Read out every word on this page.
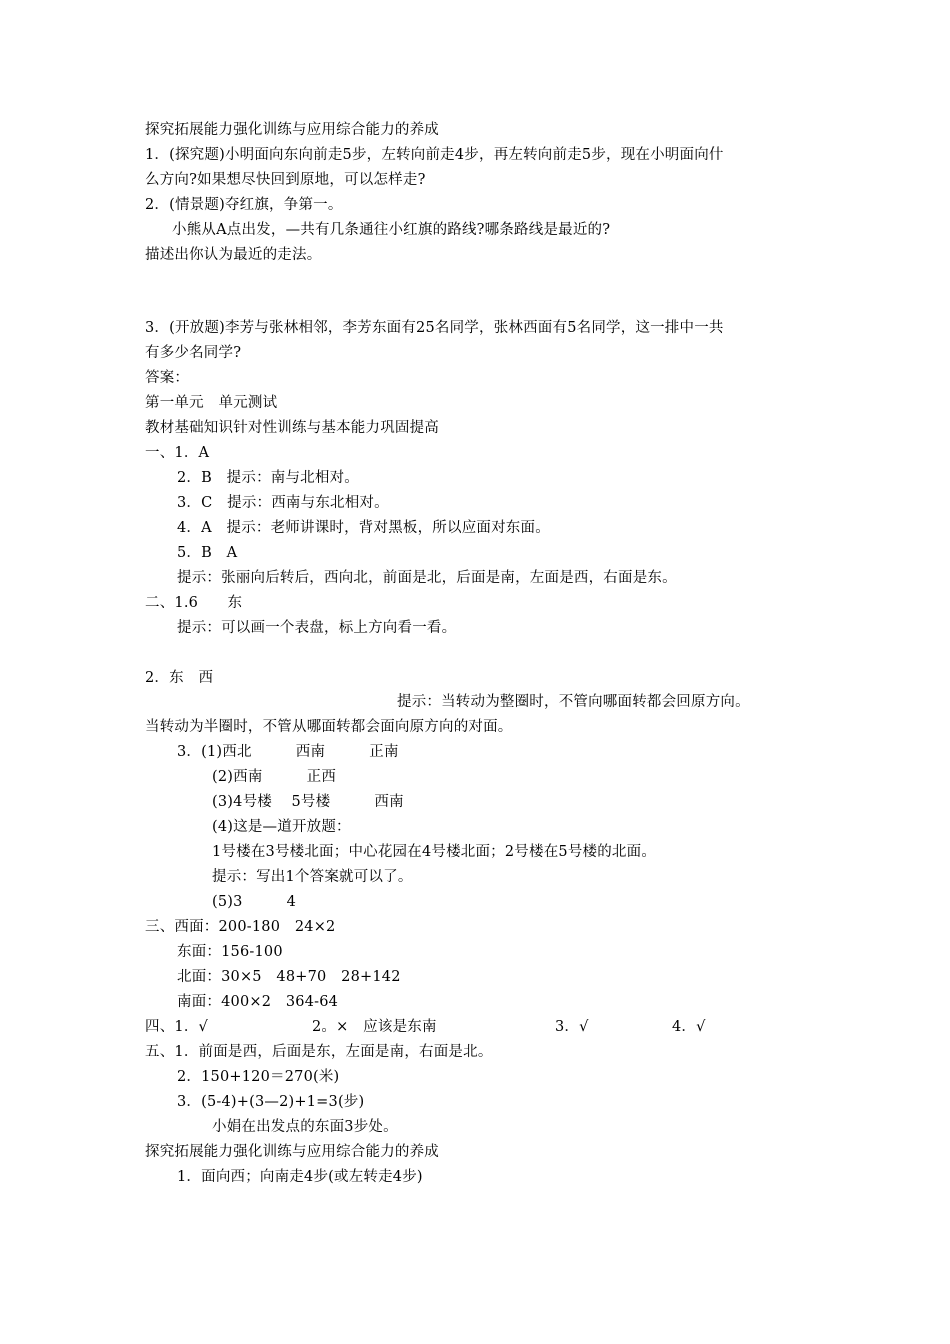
探究拓展能力强化训练与应用综合能力的养成
1．(探究题)小明面向东向前走5步，左转向前走4步，再左转向前走5步，现在小明面向什
么方向?如果想尽快回到原地，可以怎样走?
2．(情景题)夺红旗，争第一。
小熊从A点出发，—共有几条通往小红旗的路线?哪条路线是最近的?
描述出你认为最近的走法。
3．(开放题)李芳与张林相邻，李芳东面有25名同学，张林西面有5名同学，这一排中一共
有多少名同学?
答案：
第一单元　单元测试
教材基础知识针对性训练与基本能力巩固提高
一、1．A
2．B　提示：南与北相对。
3．C　提示：西南与东北相对。
4．A　提示：老师讲课时，背对黑板，所以应面对东面。
5．B　A
提示：张丽向后转后，西向北，前面是北，后面是南，左面是西，右面是东。
二、1.6　　东
提示：可以画一个表盘，标上方向看一看。
2．东　西
提示：当转动为整圈时，不管向哪面转都会回原方向。
当转动为半圈时，不管从哪面转都会面向原方向的对面。
3．(1)西北　　　西南　　　正南
(2)西南　　　正西
(3)4号楼　 5号楼　　　西南
(4)这是—道开放题：
1号楼在3号楼北面；中心花园在4号楼北面；2号楼在5号楼的北面。
提示：写出1个答案就可以了。
(5)3　　　4
三、西面：200-180　24×2
东面：156-100
北面：30×5　48+70　28+142
南面：400×2　364-64
四、1．√	2。×　应该是东南	3．√	4．√
五、1．前面是西，后面是东，左面是南，右面是北。
2．150+120＝270(米)
3．(5-4)+(3—2)+1=3(步)
小娟在出发点的东面3步处。
探究拓展能力强化训练与应用综合能力的养成
1．面向西；向南走4步(或左转走4步)
